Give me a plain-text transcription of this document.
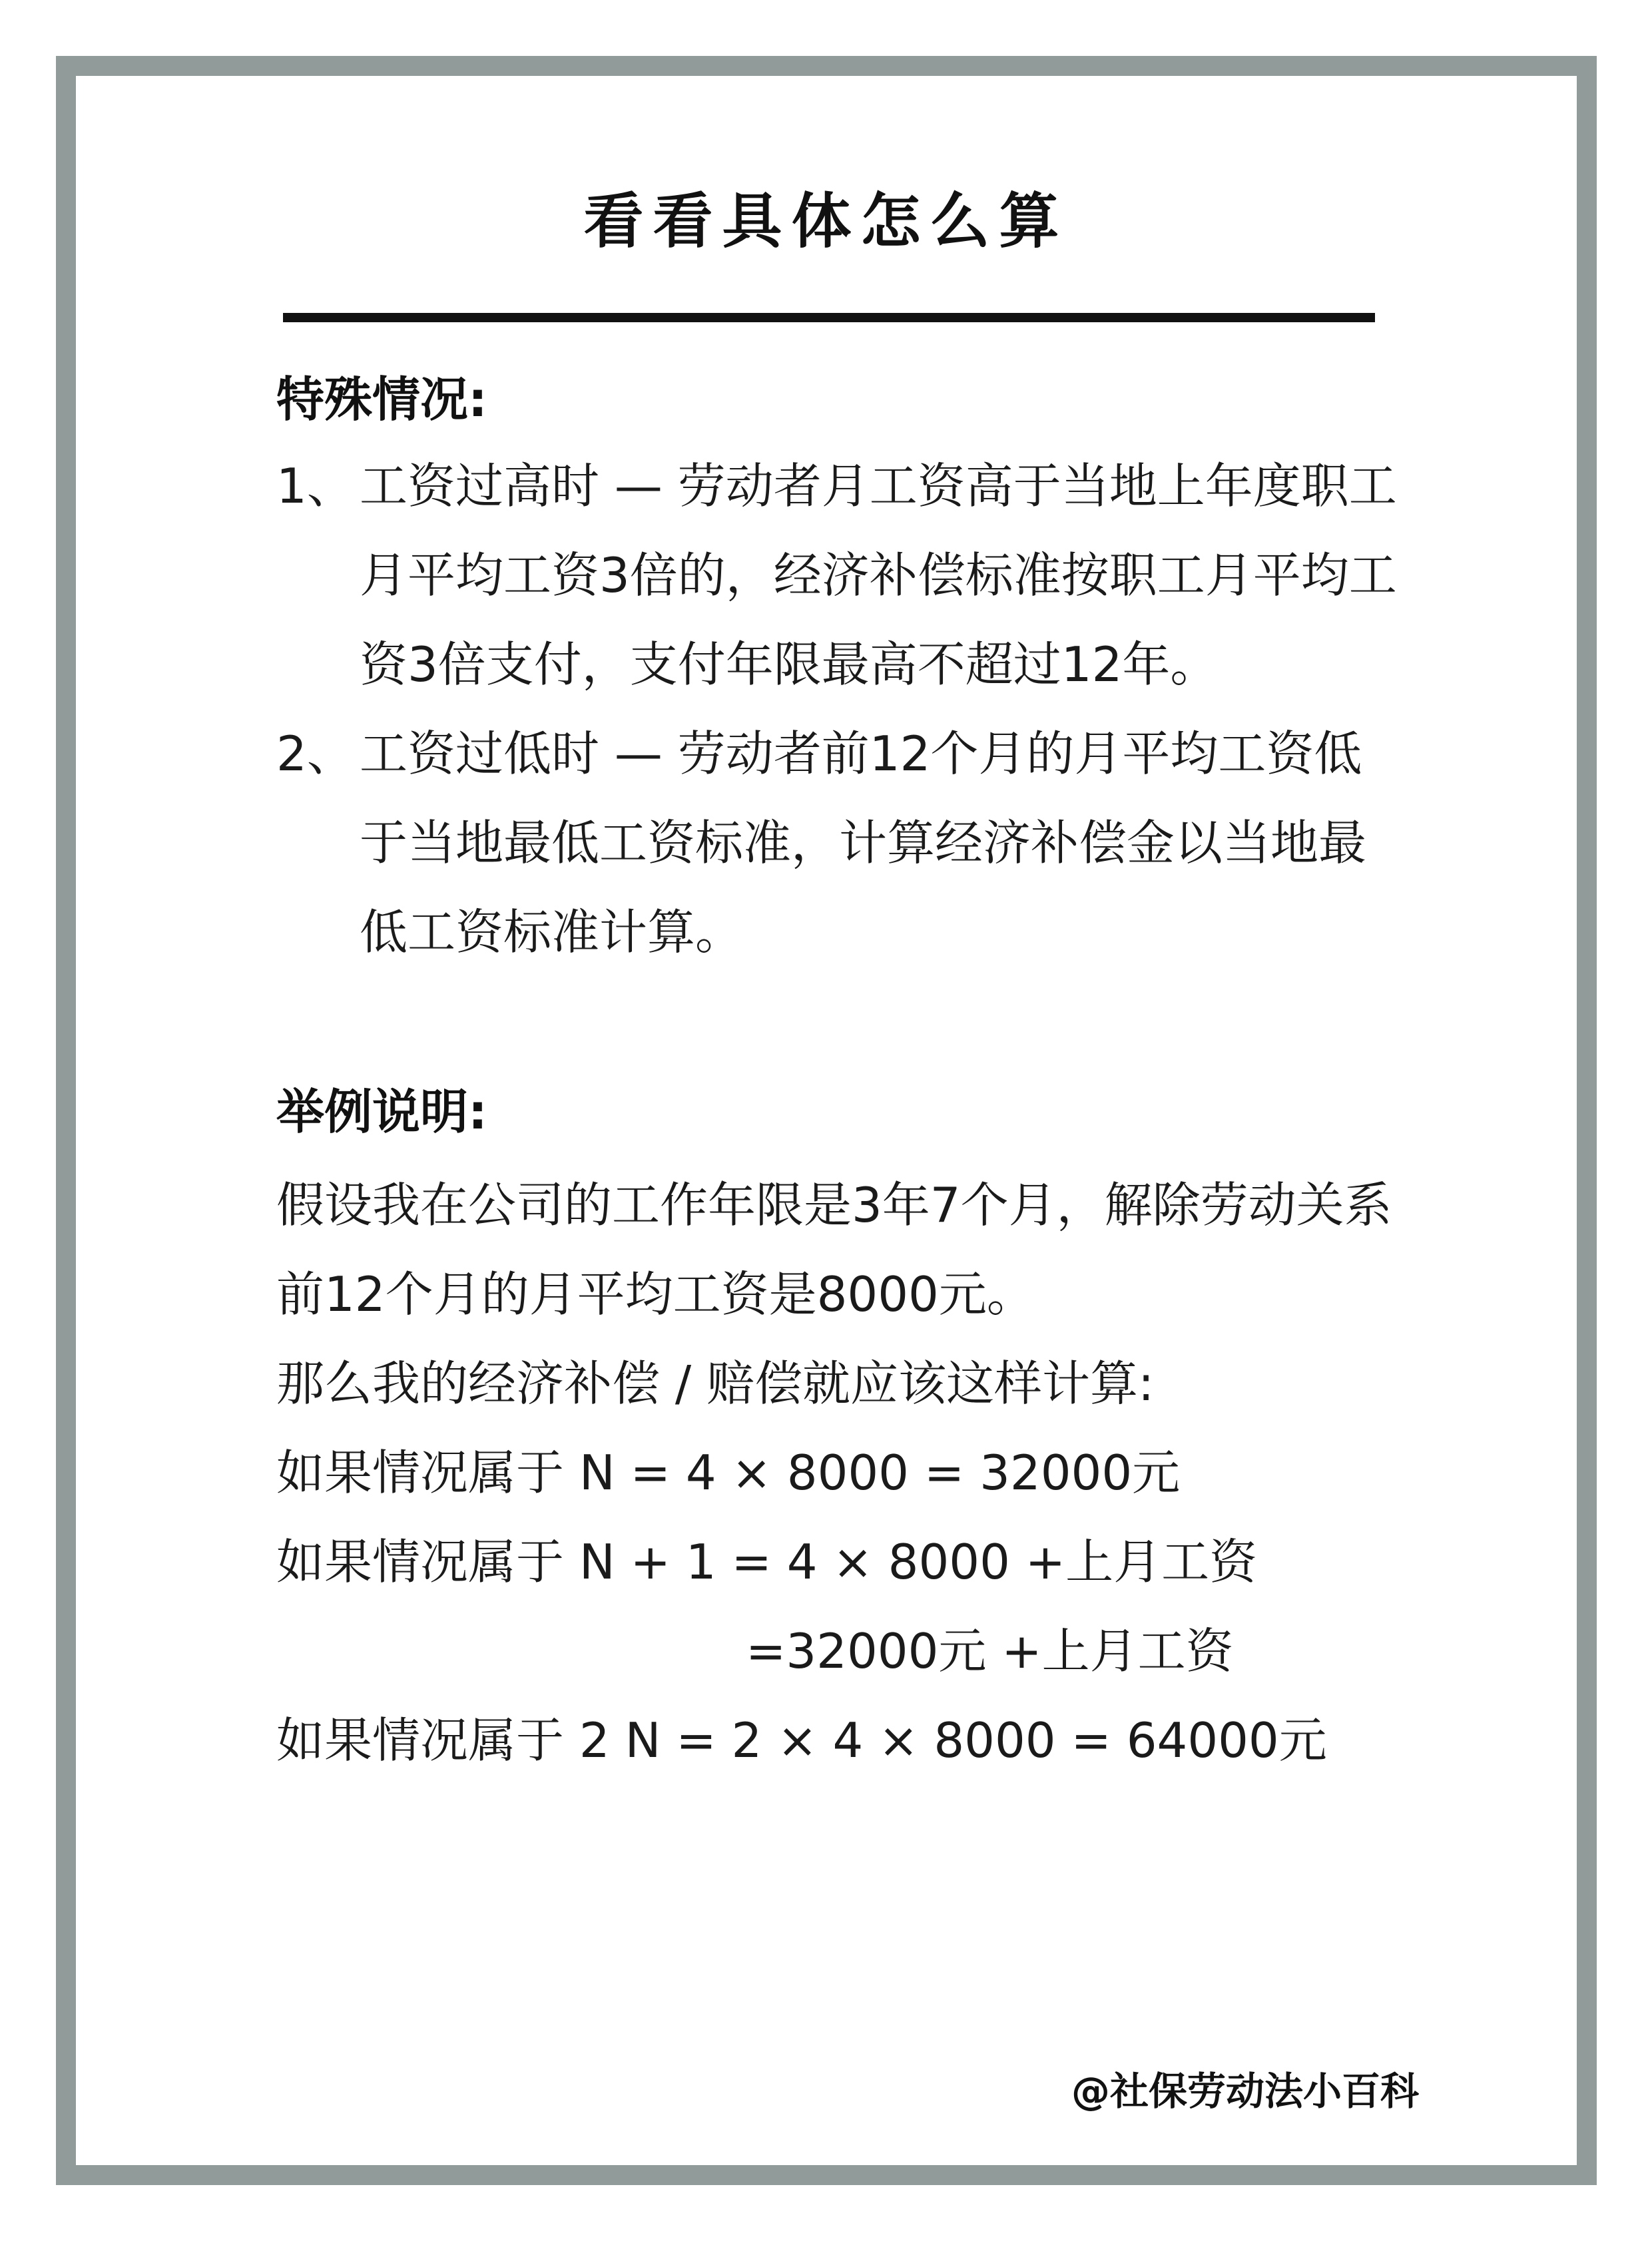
看看具体怎么算
特殊情况:
1、 工资过高时 — 劳动者月工资高于当地上年度职工月平均工资3倍的，经济补偿标准按职工月平均工资3倍支付，支付年限最高不超过12年。
2、 工资过低时 — 劳动者前12个月的月平均工资低于当地最低工资标准，计算经济补偿金以当地最低工资标准计算。
举例说明:

假设我在公司的工作年限是3年7个月，解除劳动关系前12个月的月平均工资是8000元。

那么我的经济补偿 / 赔偿就应该这样计算:

如果情况属于 N = 4 × 8000 = 32000元

如果情况属于 N + 1 = 4 × 8000 +上月工资

=32000元 +上月工资

如果情况属于 2 N = 2 × 4 × 8000 = 64000元

@社保劳动法小百科
